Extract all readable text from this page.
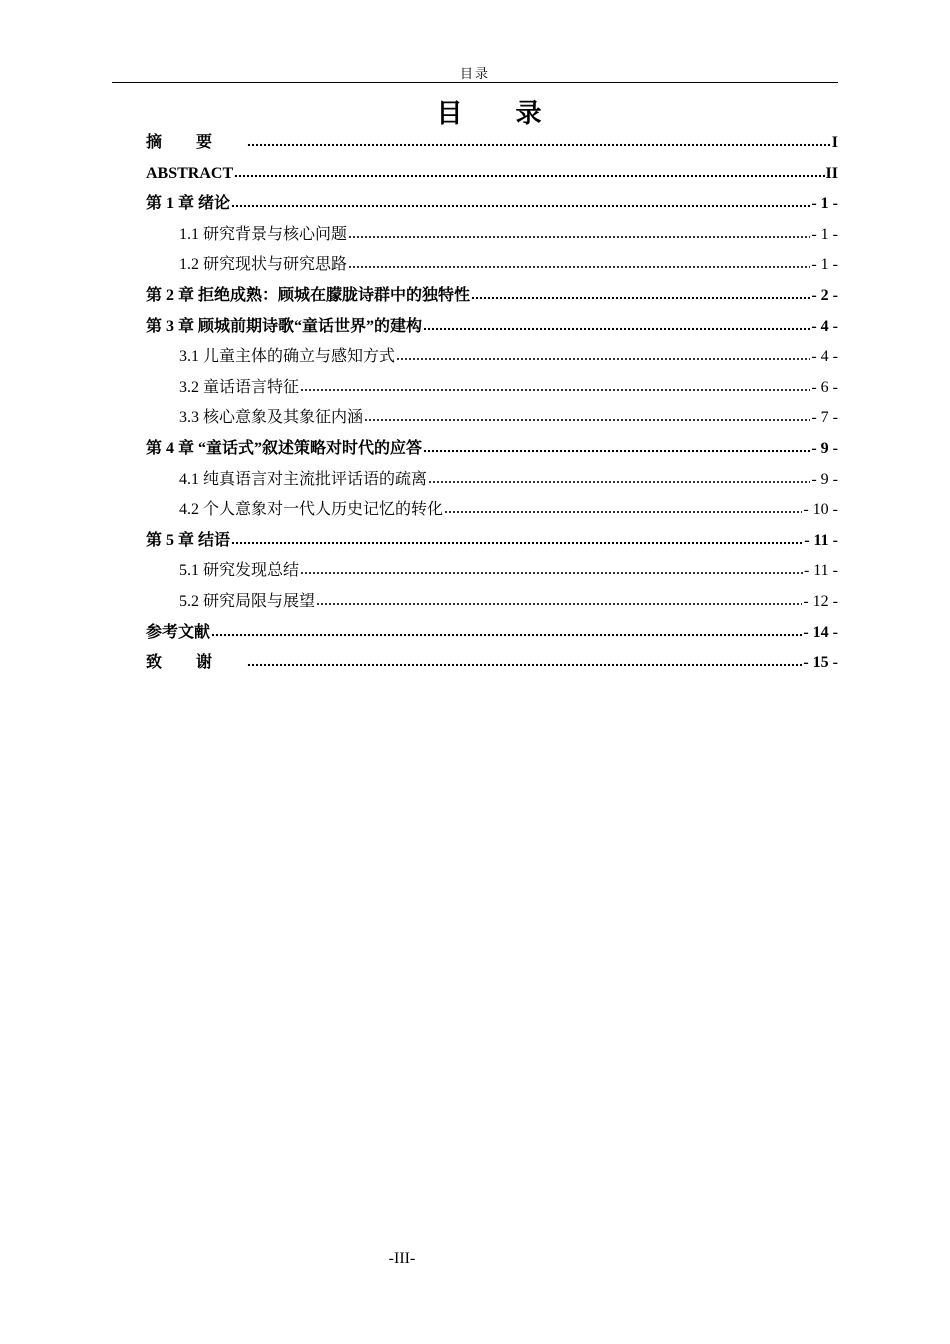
目录
目 录
摘要	I
ABSTRACT	II
第 1 章 绪论	- 1 -
1.1 研究背景与核心问题	- 1 -
1.2 研究现状与研究思路	- 1 -
第 2 章 拒绝成熟：顾城在朦胧诗群中的独特性	- 2 -
第 3 章 顾城前期诗歌“童话世界”的建构	- 4 -
3.1 儿童主体的确立与感知方式	- 4 -
3.2 童话语言特征	- 6 -
3.3 核心意象及其象征内涵	- 7 -
第 4 章 “童话式”叙述策略对时代的应答	- 9 -
4.1 纯真语言对主流批评话语的疏离	- 9 -
4.2 个人意象对一代人历史记忆的转化	- 10 -
第 5 章 结语	- 11 -
5.1 研究发现总结	- 11 -
5.2 研究局限与展望	- 12 -
参考文献	- 14 -
致谢	- 15 -
-III-
